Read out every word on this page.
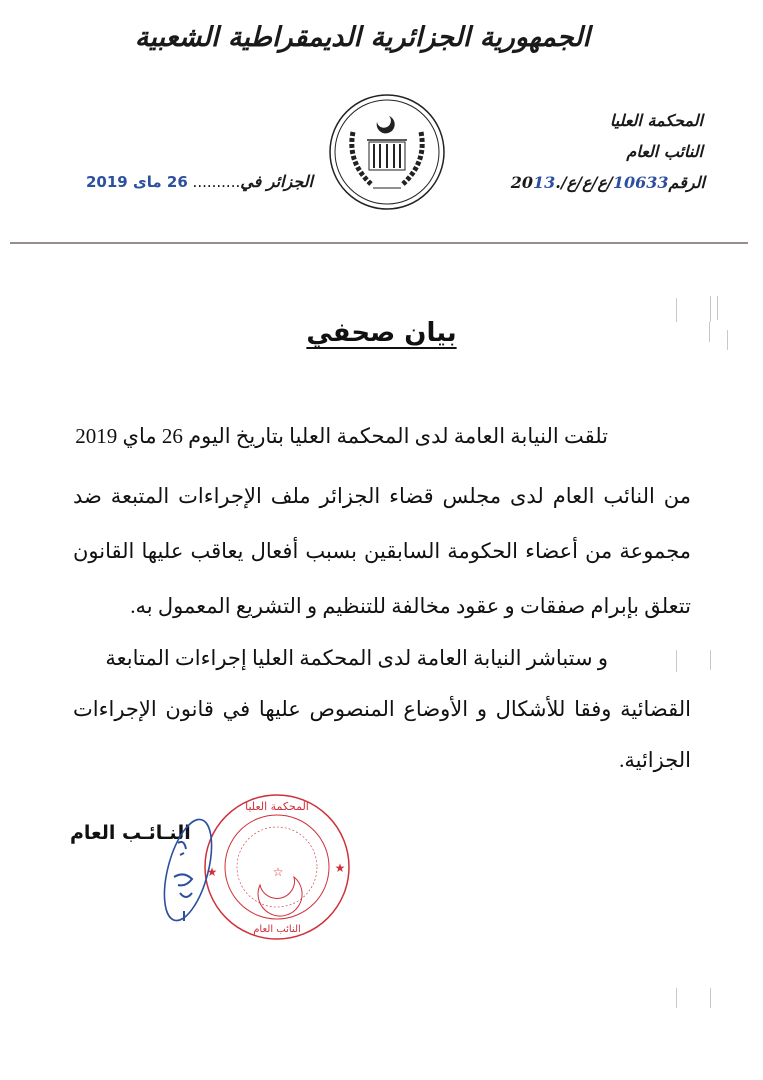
الجمهورية الجزائرية الديمقراطية الشعبية
المحكمة العليا
النائب العام
الرقم10633/ع/ع/ع/2013.
الجزائر في.......... 26 ماى 2019
بيان صحفي
تلقت النيابة العامة لدى المحكمة العليا بتاريخ اليوم 26 ماي 2019
من النائب العام لدى مجلس قضاء الجزائر ملف الإجراءات المتبعة ضد
مجموعة من أعضاء الحكومة السابقين بسبب أفعال يعاقب عليها القانون
تتعلق بإبرام صفقات و عقود مخالفة للتنظيم و التشريع المعمول به.
و ستباشر النيابة العامة لدى المحكمة العليا إجراءات المتابعة
القضائية وفقا للأشكال و الأوضاع المنصوص عليها في قانون الإجراءات
الجزائية.
النـائـب العام
★
★	☆
المحكمة العليا
النائب العام
